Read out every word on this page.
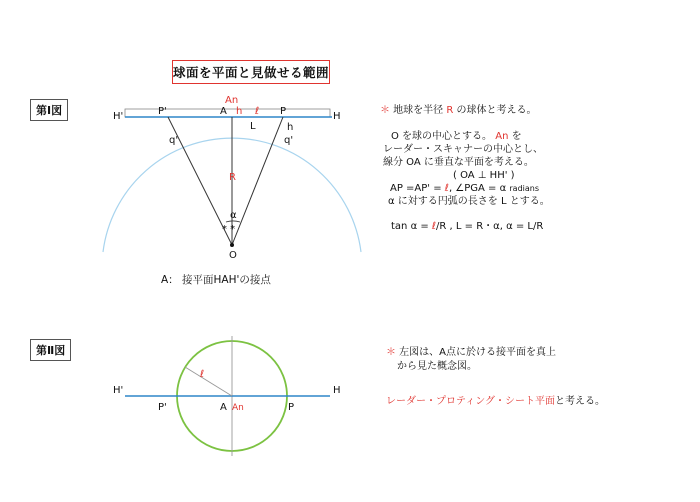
球面を平面と見做せる範囲
第Ⅰ図
第Ⅱ図
H'	P'
An
A h ℓ P	H
L	h
q'	q'
R
α
* *
O
H'	H
P'	A An	P
ℓ
A： 接平面HAH'の接点
＊ 地球を半径 R の球体と考える。
O を球の中心とする。 An を
レーダー・スキャナーの中心とし、
線分 OA に垂直な平面を考える。
( OA ⊥ HH' )
AP =AP' = ℓ, ∠PGA = α radians
α に対する円弧の長さを L とする。
tan α = ℓ/R , L = R・α, α = L/R
＊ 左図は、A点に於ける接平面を真上
から見た概念図。
レーダー・プロティング・シート平面と考える。
